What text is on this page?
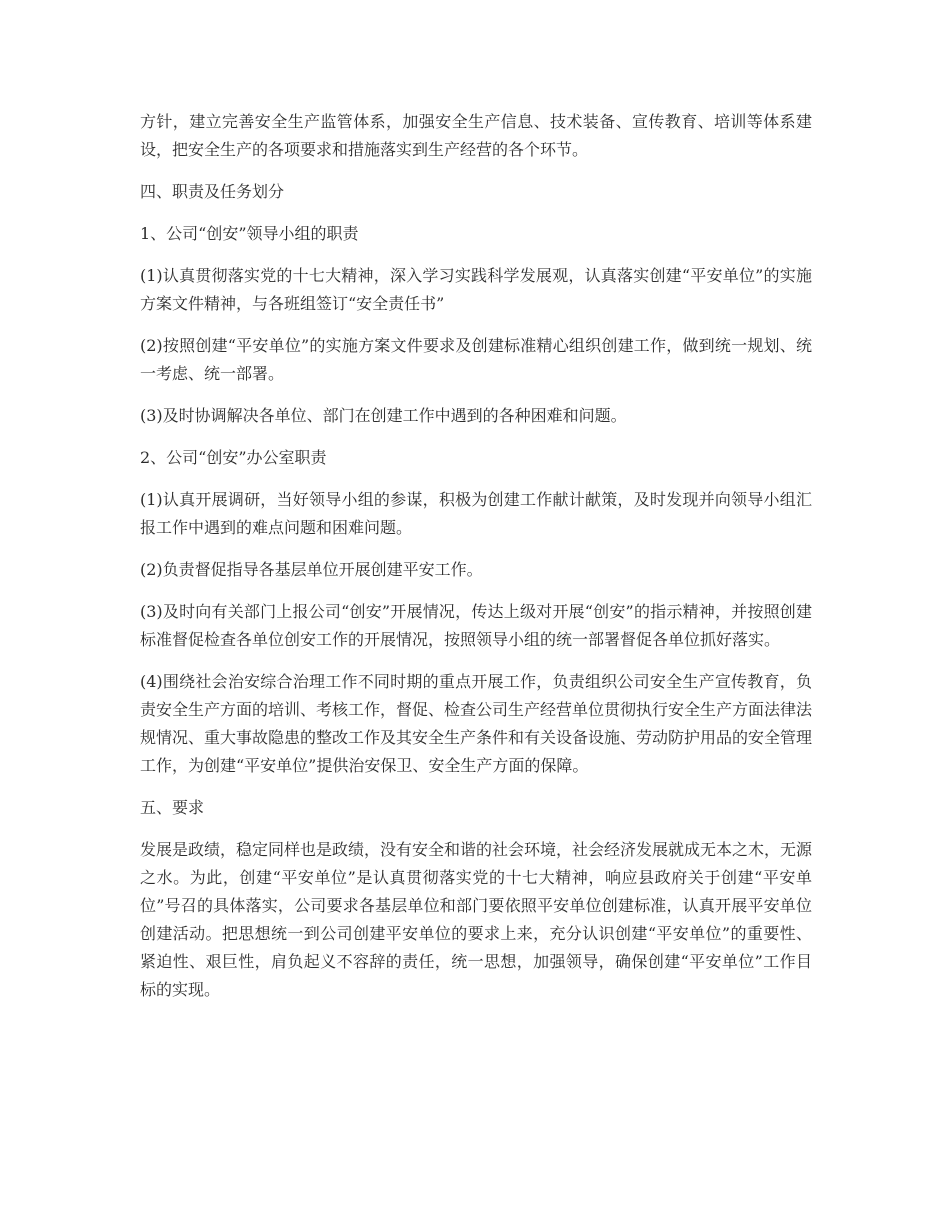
方针，建立完善安全生产监管体系，加强安全生产信息、技术装备、宣传教育、培训等体系建设，把安全生产的各项要求和措施落实到生产经营的各个环节。

四、职责及任务划分

1、公司“创安”领导小组的职责

(1)认真贯彻落实党的十七大精神，深入学习实践科学发展观，认真落实创建“平安单位”的实施方案文件精神，与各班组签订“安全责任书”

(2)按照创建“平安单位”的实施方案文件要求及创建标准精心组织创建工作，做到统一规划、统一考虑、统一部署。

(3)及时协调解决各单位、部门在创建工作中遇到的各种困难和问题。

2、公司“创安”办公室职责

(1)认真开展调研，当好领导小组的参谋，积极为创建工作献计献策，及时发现并向领导小组汇报工作中遇到的难点问题和困难问题。

(2)负责督促指导各基层单位开展创建平安工作。

(3)及时向有关部门上报公司“创安”开展情况，传达上级对开展“创安”的指示精神，并按照创建标准督促检查各单位创安工作的开展情况，按照领导小组的统一部署督促各单位抓好落实。

(4)围绕社会治安综合治理工作不同时期的重点开展工作，负责组织公司安全生产宣传教育，负责安全生产方面的培训、考核工作，督促、检查公司生产经营单位贯彻执行安全生产方面法律法规情况、重大事故隐患的整改工作及其安全生产条件和有关设备设施、劳动防护用品的安全管理工作，为创建“平安单位”提供治安保卫、安全生产方面的保障。

五、要求

发展是政绩，稳定同样也是政绩，没有安全和谐的社会环境，社会经济发展就成无本之木，无源之水。为此，创建“平安单位”是认真贯彻落实党的十七大精神，响应县政府关于创建“平安单位”号召的具体落实，公司要求各基层单位和部门要依照平安单位创建标准，认真开展平安单位创建活动。把思想统一到公司创建平安单位的要求上来，充分认识创建“平安单位”的重要性、紧迫性、艰巨性，肩负起义不容辞的责任，统一思想，加强领导，确保创建“平安单位”工作目标的实现。
